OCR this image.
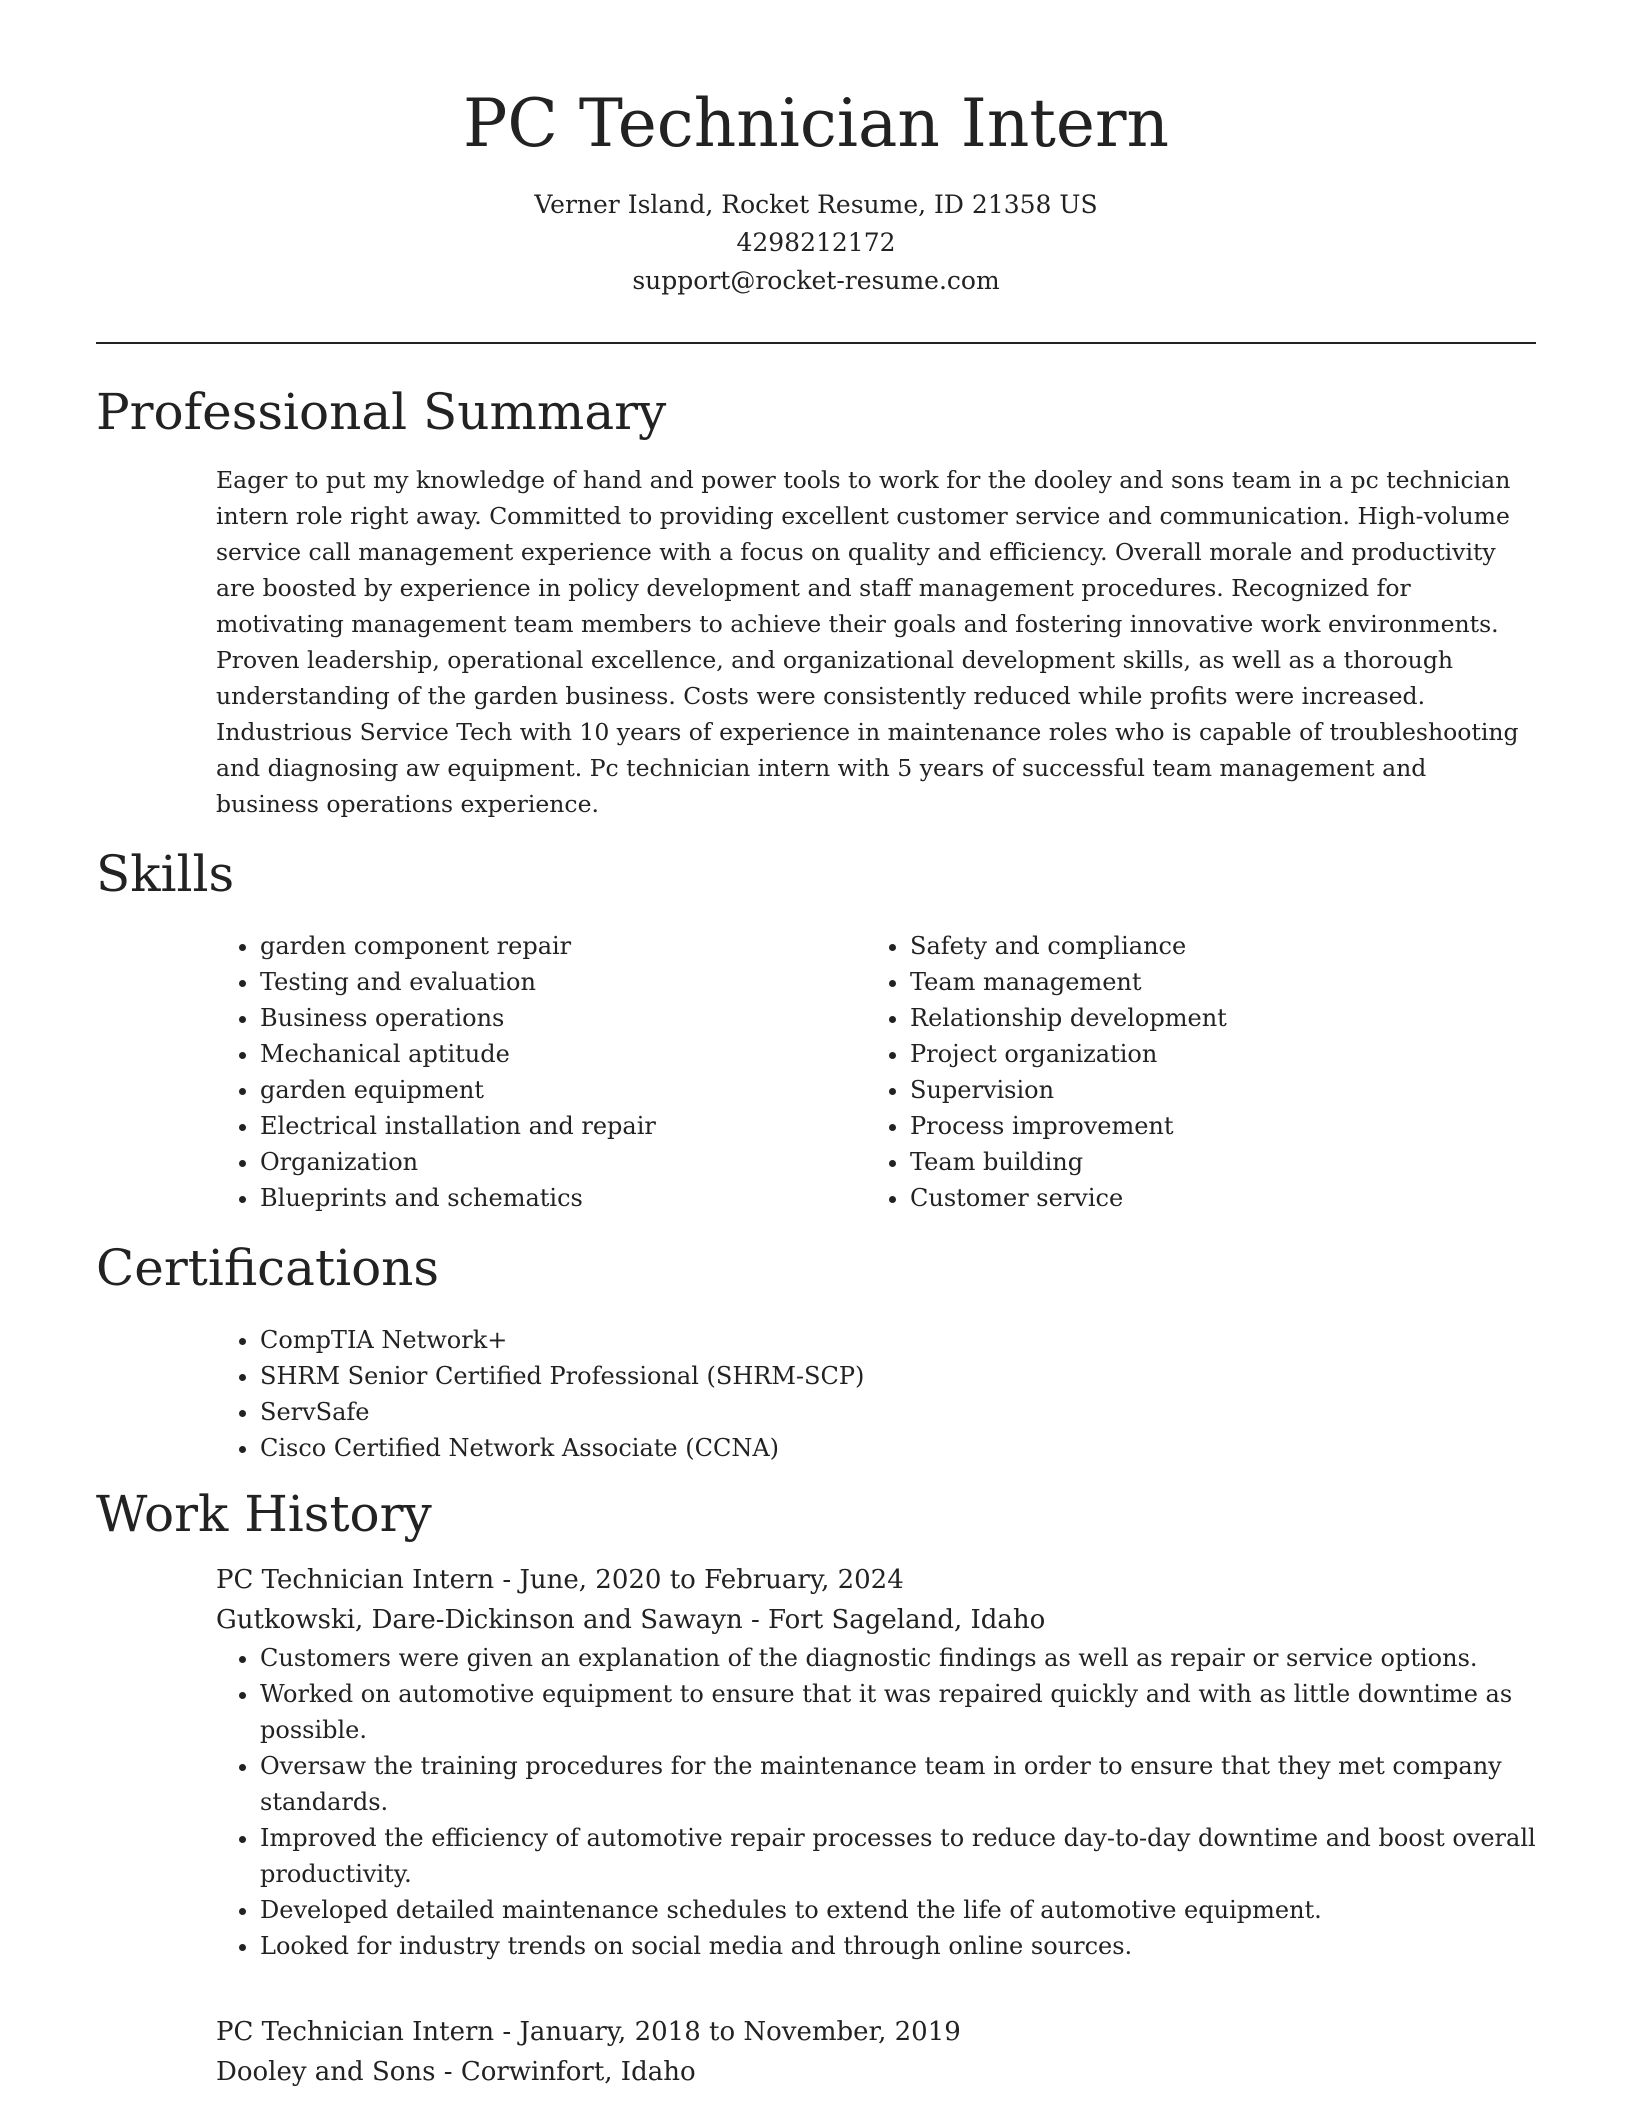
PC Technician Intern
Verner Island, Rocket Resume, ID 21358 US
4298212172
support@rocket-resume.com
Professional Summary

Eager to put my knowledge of hand and power tools to work for the dooley and sons team in a pc technician intern role right away. Committed to providing excellent customer service and communication. High-volume service call management experience with a focus on quality and efficiency. Overall morale and productivity are boosted by experience in policy development and staff management procedures. Recognized for motivating management team members to achieve their goals and fostering innovative work environments. Proven leadership, operational excellence, and organizational development skills, as well as a thorough understanding of the garden business. Costs were consistently reduced while profits were increased. Industrious Service Tech with 10 years of experience in maintenance roles who is capable of troubleshooting and diagnosing aw equipment. Pc technician intern with 5 years of successful team management and business operations experience.

Skills
• garden component repair
• Testing and evaluation
• Business operations
• Mechanical aptitude
• garden equipment
• Electrical installation and repair
• Organization
• Blueprints and schematics
• Safety and compliance
• Team management
• Relationship development
• Project organization
• Supervision
• Process improvement
• Team building
• Customer service
Certifications
• CompTIA Network+
• SHRM Senior Certified Professional (SHRM-SCP)
• ServSafe
• Cisco Certified Network Associate (CCNA)
Work History
PC Technician Intern - June, 2020 to February, 2024
Gutkowski, Dare-Dickinson and Sawayn - Fort Sageland, Idaho
• Customers were given an explanation of the diagnostic findings as well as repair or service options.
• Worked on automotive equipment to ensure that it was repaired quickly and with as little downtime as possible.
• Oversaw the training procedures for the maintenance team in order to ensure that they met company standards.
• Improved the efficiency of automotive repair processes to reduce day-to-day downtime and boost overall productivity.
• Developed detailed maintenance schedules to extend the life of automotive equipment.
• Looked for industry trends on social media and through online sources.
PC Technician Intern - January, 2018 to November, 2019
Dooley and Sons - Corwinfort, Idaho
